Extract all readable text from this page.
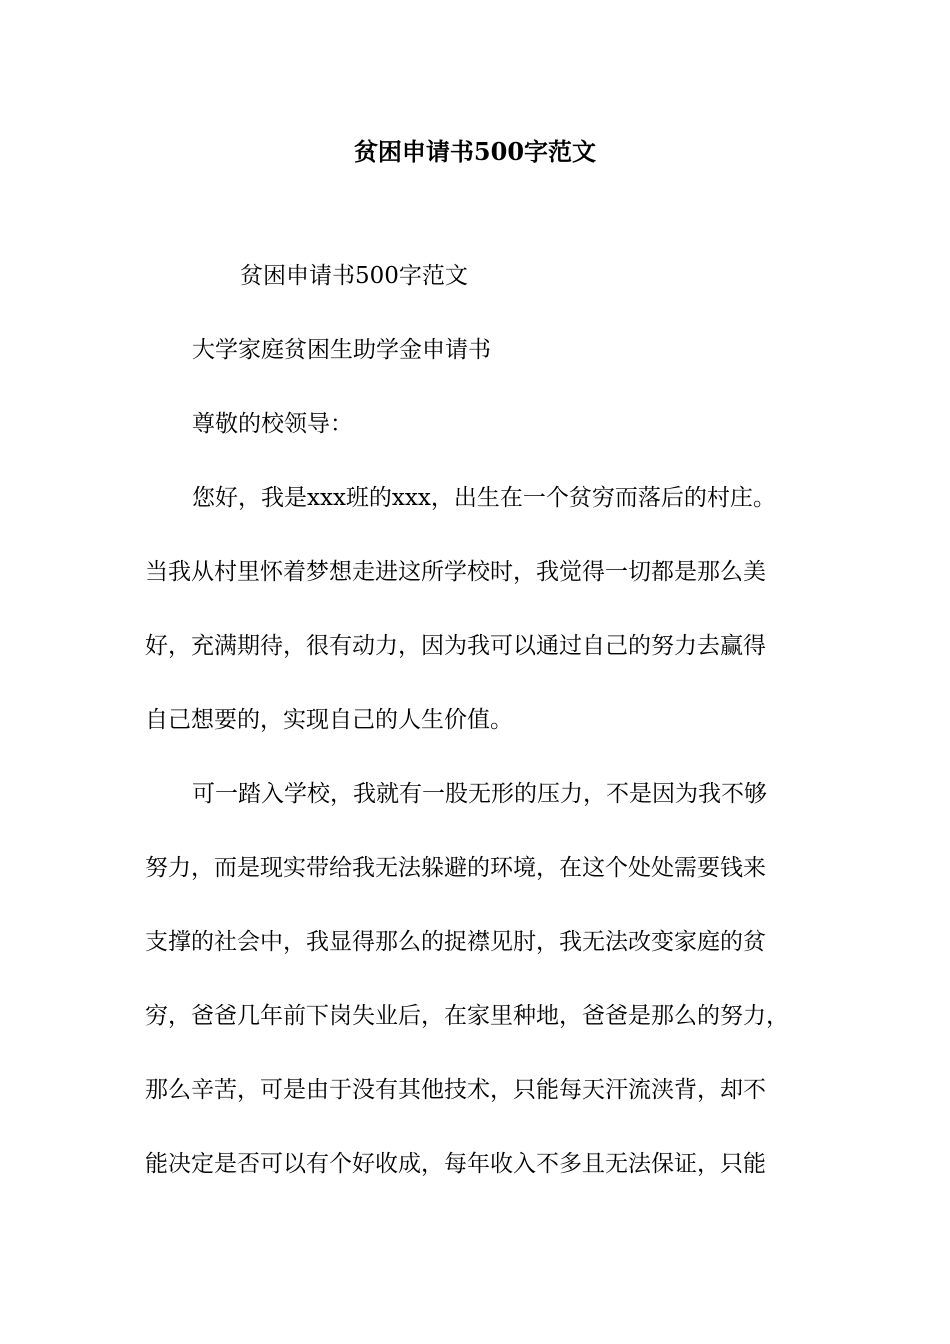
贫困申请书500字范文
贫困申请书500字范文
大学家庭贫困生助学金申请书
尊敬的校领导：
您好，我是xxx班的xxx，出生在一个贫穷而落后的村庄。
当我从村里怀着梦想走进这所学校时，我觉得一切都是那么美
好，充满期待，很有动力，因为我可以通过自己的努力去赢得
自己想要的，实现自己的人生价值。
可一踏入学校，我就有一股无形的压力，不是因为我不够
努力，而是现实带给我无法躲避的环境，在这个处处需要钱来
支撑的社会中，我显得那么的捉襟见肘，我无法改变家庭的贫
穷，爸爸几年前下岗失业后，在家里种地，爸爸是那么的努力，
那么辛苦，可是由于没有其他技术，只能每天汗流浃背，却不
能决定是否可以有个好收成，每年收入不多且无法保证，只能
